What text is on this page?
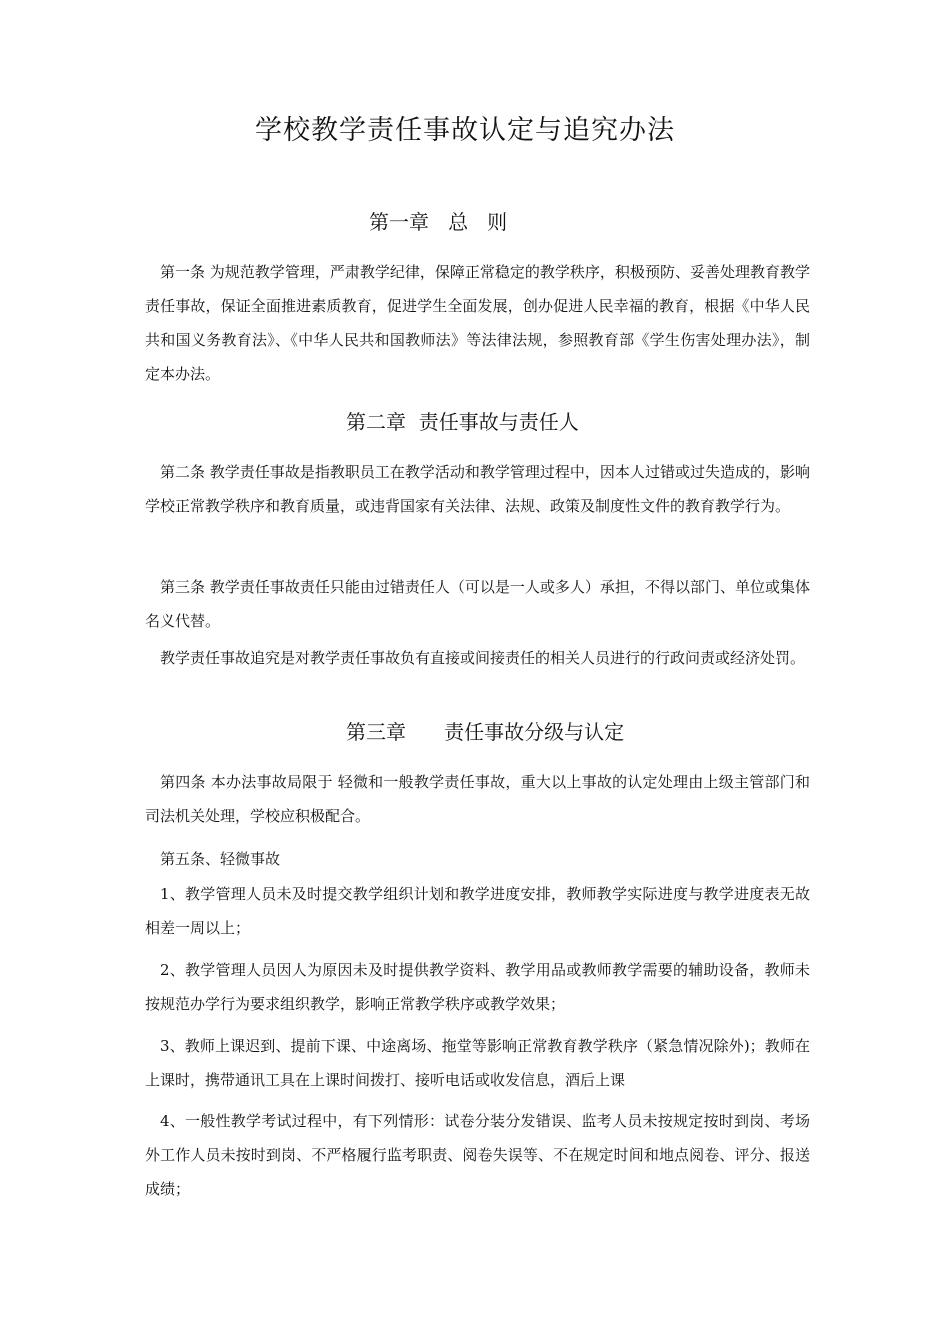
学校教学责任事故认定与追究办法
第一章   总   则

第一条 为规范教学管理，严肃教学纪律，保障正常稳定的教学秩序，积极预防、妥善处理教育教学责任事故，保证全面推进素质教育，促进学生全面发展，创办促进人民幸福的教育，根据《中华人民共和国义务教育法》、《中华人民共和国教师法》等法律法规，参照教育部《学生伤害处理办法》，制定本办法。

第二章  责任事故与责任人

第二条 教学责任事故是指教职员工在教学活动和教学管理过程中，因本人过错或过失造成的，影响学校正常教学秩序和教育质量，或违背国家有关法律、法规、政策及制度性文件的教育教学行为。

第三条 教学责任事故责任只能由过错责任人（可以是一人或多人）承担，不得以部门、单位或集体名义代替。

教学责任事故追究是对教学责任事故负有直接或间接责任的相关人员进行的行政问责或经济处罚。

第三章      责任事故分级与认定

第四条 本办法事故局限于 轻微和一般教学责任事故，重大以上事故的认定处理由上级主管部门和司法机关处理，学校应积极配合。

第五条、轻微事故

1、教学管理人员未及时提交教学组织计划和教学进度安排，教师教学实际进度与教学进度表无故相差一周以上；

2、教学管理人员因人为原因未及时提供教学资料、教学用品或教师教学需要的辅助设备，教师未按规范办学行为要求组织教学，影响正常教学秩序或教学效果；

3、教师上课迟到、提前下课、中途离场、拖堂等影响正常教育教学秩序（紧急情况除外)；教师在上课时，携带通讯工具在上课时间拨打、接听电话或收发信息，酒后上课

4、一般性教学考试过程中，有下列情形：试卷分装分发错误、监考人员未按规定按时到岗、考场外工作人员未按时到岗、不严格履行监考职责、阅卷失误等、不在规定时间和地点阅卷、评分、报送成绩；
